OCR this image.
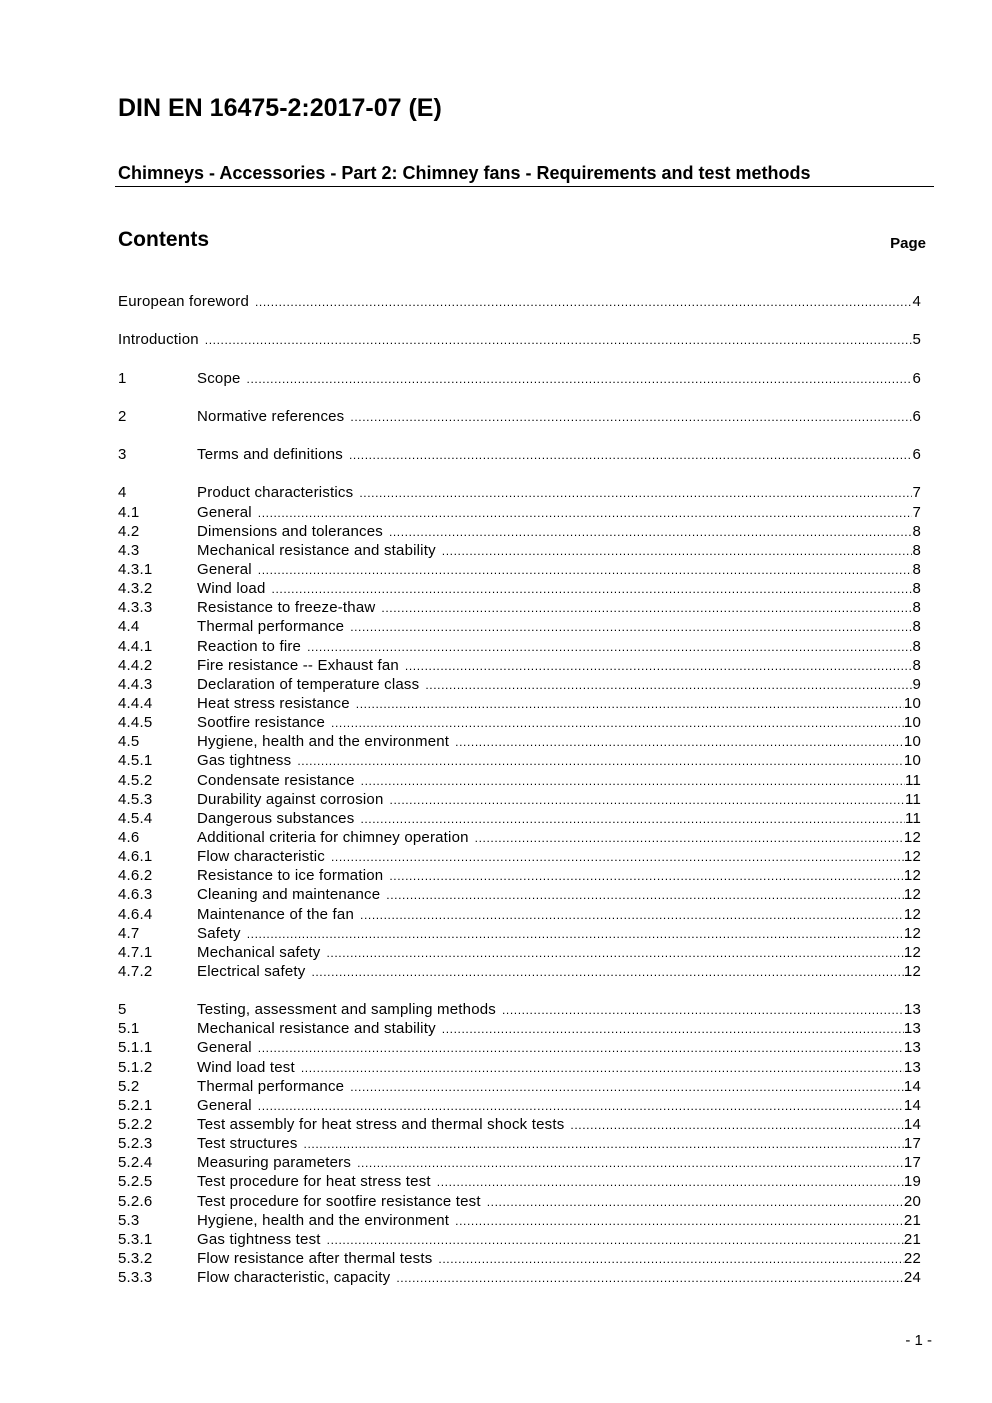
DIN EN 16475-2:2017-07 (E)
Chimneys - Accessories - Part 2: Chimney fans - Requirements and test methods
Contents	Page
European foreword .....	4
Introduction .....	5
1	Scope .....	6
2	Normative references .....	6
3	Terms and definitions .....	6
4	Product characteristics .....	7
4.1	General .....	7
4.2	Dimensions and tolerances .....	8
4.3	Mechanical resistance and stability .....	8
4.3.1	General .....	8
4.3.2	Wind load .....	8
4.3.3	Resistance to freeze-thaw .....	8
4.4	Thermal performance .....	8
4.4.1	Reaction to fire .....	8
4.4.2	Fire resistance -- Exhaust fan .....	8
4.4.3	Declaration of temperature class .....	9
4.4.4	Heat stress resistance .....	10
4.4.5	Sootfire resistance .....	10
4.5	Hygiene, health and the environment .....	10
4.5.1	Gas tightness .....	10
4.5.2	Condensate resistance .....	11
4.5.3	Durability against corrosion .....	11
4.5.4	Dangerous substances .....	11
4.6	Additional criteria for chimney operation .....	12
4.6.1	Flow characteristic .....	12
4.6.2	Resistance to ice formation .....	12
4.6.3	Cleaning and maintenance .....	12
4.6.4	Maintenance of the fan .....	12
4.7	Safety .....	12
4.7.1	Mechanical safety .....	12
4.7.2	Electrical safety .....	12
5	Testing, assessment and sampling methods .....	13
5.1	Mechanical resistance and stability .....	13
5.1.1	General .....	13
5.1.2	Wind load test .....	13
5.2	Thermal performance .....	14
5.2.1	General .....	14
5.2.2	Test assembly for heat stress and thermal shock tests .....	14
5.2.3	Test structures .....	17
5.2.4	Measuring parameters .....	17
5.2.5	Test procedure for heat stress test .....	19
5.2.6	Test procedure for sootfire resistance test .....	20
5.3	Hygiene, health and the environment .....	21
5.3.1	Gas tightness test .....	21
5.3.2	Flow resistance after thermal tests .....	22
5.3.3	Flow characteristic, capacity .....	24
- 1 -
